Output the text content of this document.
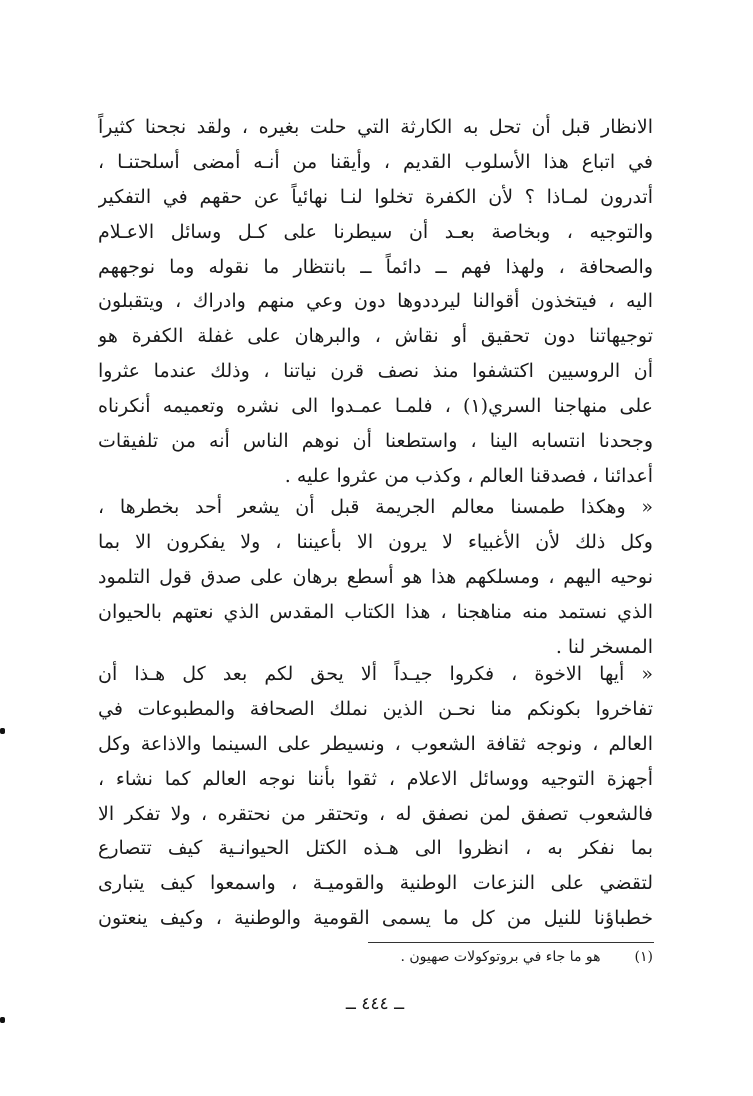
الانظار قبل أن تحل به الكارثة التي حلت بغيره ، ولقد نجحنا كثيراً
في اتباع هذا الأسلوب القديم ، وأيقنا من أنـه أمضى أسلحتنـا ،
أتدرون لمـاذا ؟ لأن الكفرة تخلوا لنـا نهائياً عن حقهم في التفكير
والتوجيه ، وبخاصة بعـد أن سيطرنا على كـل وسائل الاعـلام
والصحافة ، ولهذا فهم ــ دائماً ــ بانتظار ما نقوله وما نوجههم
اليه ، فيتخذون أقوالنا ليرددوها دون وعي منهم وادراك ، ويتقبلون
توجيهاتنا دون تحقيق أو نقاش ، والبرهان على غفلة الكفرة هو
أن الروسيين اكتشفوا منذ نصف قرن نياتنا ، وذلك عندما عثروا
على منهاجنا السري(١) ، فلمـا عمـدوا الى نشره وتعميمه أنكرناه
وجحدنا انتسابه الينا ، واستطعنا أن نوهم الناس أنه من تلفيقات
أعدائنا ، فصدقنا العالم ، وكذب من عثروا عليه .
« وهكذا طمسنا معالم الجريمة قبل أن يشعر أحد بخطرها ،
وكل ذلك لأن الأغبياء لا يرون الا بأعيننا ، ولا يفكرون الا بما
نوحيه اليهم ، ومسلكهم هذا هو أسطع برهان على صدق قول التلمود
الذي نستمد منه مناهجنا ، هذا الكتاب المقدس الذي نعتهم بالحيوان
المسخر لنا .
« أيها الاخوة ، فكروا جيـداً ألا يحق لكم بعد كل هـذا أن
تفاخروا بكونكم منا نحـن الذين نملك الصحافة والمطبوعات في
العالم ، ونوجه ثقافة الشعوب ، ونسيطر على السينما والاذاعة وكل
أجهزة التوجيه ووسائل الاعلام ، ثقوا بأننا نوجه العالم كما نشاء ،
فالشعوب تصفق لمن نصفق له ، وتحتقر من نحتقره ، ولا تفكر الا
بما نفكر به ، انظروا الى هـذه الكتل الحيوانـية كيف تتصارع
لتقضي على النزعات الوطنية والقوميـة ، واسمعوا كيف يتبارى
خطباؤنا للنيل من كل ما يسمى القومية والوطنية ، وكيف ينعتون
(١)هو ما جاء في بروتوكولات صهيون .
ــ ٤٤٤ ــ
